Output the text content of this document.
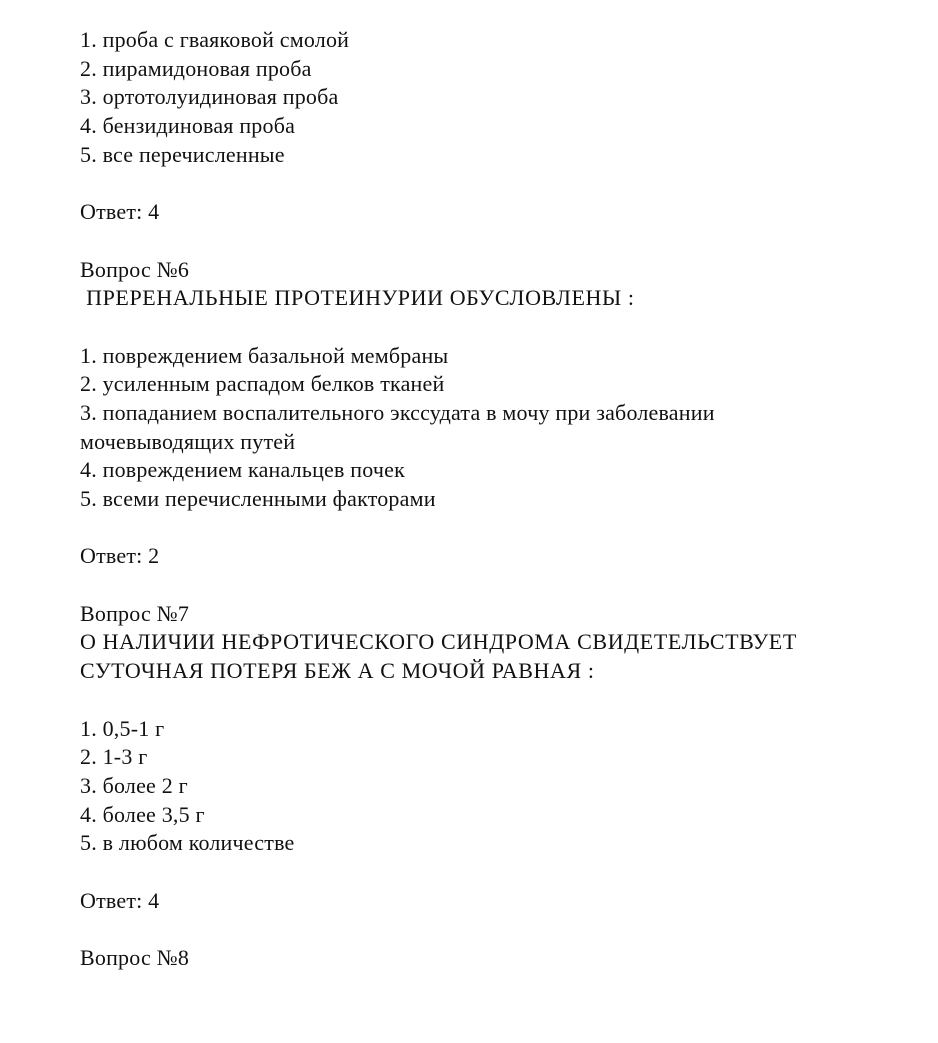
1. проба с гваяковой смолой
2. пирамидоновая проба
3. ортотолуидиновая проба
4. бензидиновая проба
5. все перечисленные
Ответ: 4
Вопрос №6
ПРЕРЕНАЛЬНЫЕ ПРОТЕИНУРИИ ОБУСЛОВЛЕНЫ :
1. повреждением базальной мембраны
2. усиленным распадом белков тканей
3. попаданием воспалительного экссудата в мочу при заболевании
мочевыводящих путей
4. повреждением канальцев почек
5. всеми перечисленными факторами
Ответ: 2
Вопрос №7
О НАЛИЧИИ НЕФРОТИЧЕСКОГО СИНДРОМА СВИДЕТЕЛЬСТВУЕТ
СУТОЧНАЯ ПОТЕРЯ БЕЖ А С МОЧОЙ РАВНАЯ :
1. 0,5-1 г
2. 1-3 г
3. более 2 г
4. более 3,5 г
5. в любом количестве
Ответ: 4
Вопрос №8
